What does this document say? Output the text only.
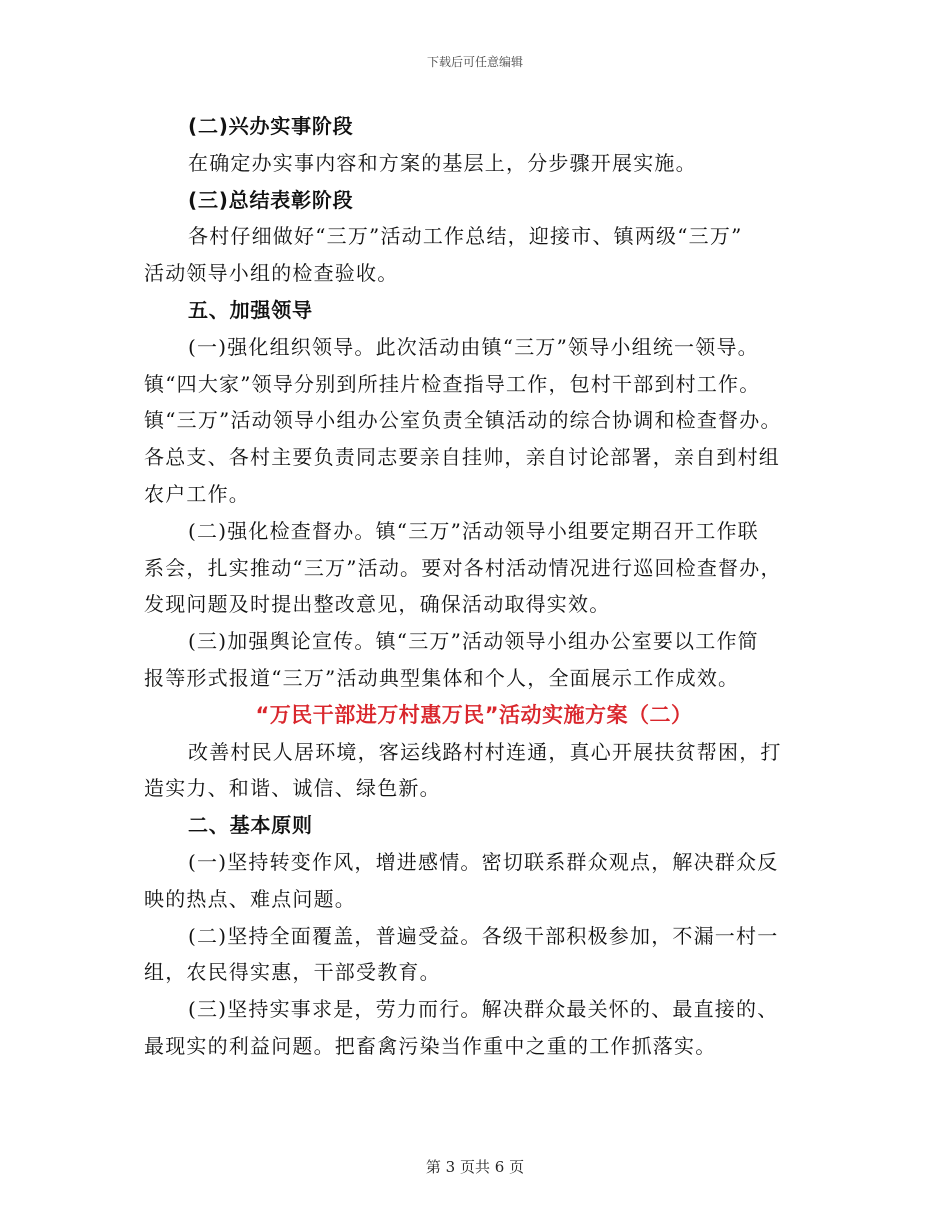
下载后可任意编辑
(二)兴办实事阶段
在确定办实事内容和方案的基层上，分步骤开展实施。
(三)总结表彰阶段
各村仔细做好“三万”活动工作总结，迎接市、镇两级“三万”
活动领导小组的检查验收。
五、加强领导
(一)强化组织领导。此次活动由镇“三万”领导小组统一领导。
镇“四大家”领导分别到所挂片检查指导工作，包村干部到村工作。
镇“三万”活动领导小组办公室负责全镇活动的综合协调和检查督办。
各总支、各村主要负责同志要亲自挂帅，亲自讨论部署，亲自到村组
农户工作。
(二)强化检查督办。镇“三万”活动领导小组要定期召开工作联
系会，扎实推动“三万”活动。要对各村活动情况进行巡回检查督办，
发现问题及时提出整改意见，确保活动取得实效。
(三)加强舆论宣传。镇“三万”活动领导小组办公室要以工作简
报等形式报道“三万”活动典型集体和个人，全面展示工作成效。
“万民干部进万村惠万民”活动实施方案（二）
改善村民人居环境，客运线路村村连通，真心开展扶贫帮困，打
造实力、和谐、诚信、绿色新。
二、基本原则
(一)坚持转变作风，增进感情。密切联系群众观点，解决群众反
映的热点、难点问题。
(二)坚持全面覆盖，普遍受益。各级干部积极参加，不漏一村一
组，农民得实惠，干部受教育。
(三)坚持实事求是，劳力而行。解决群众最关怀的、最直接的、
最现实的利益问题。把畜禽污染当作重中之重的工作抓落实。
第 3 页共 6 页
